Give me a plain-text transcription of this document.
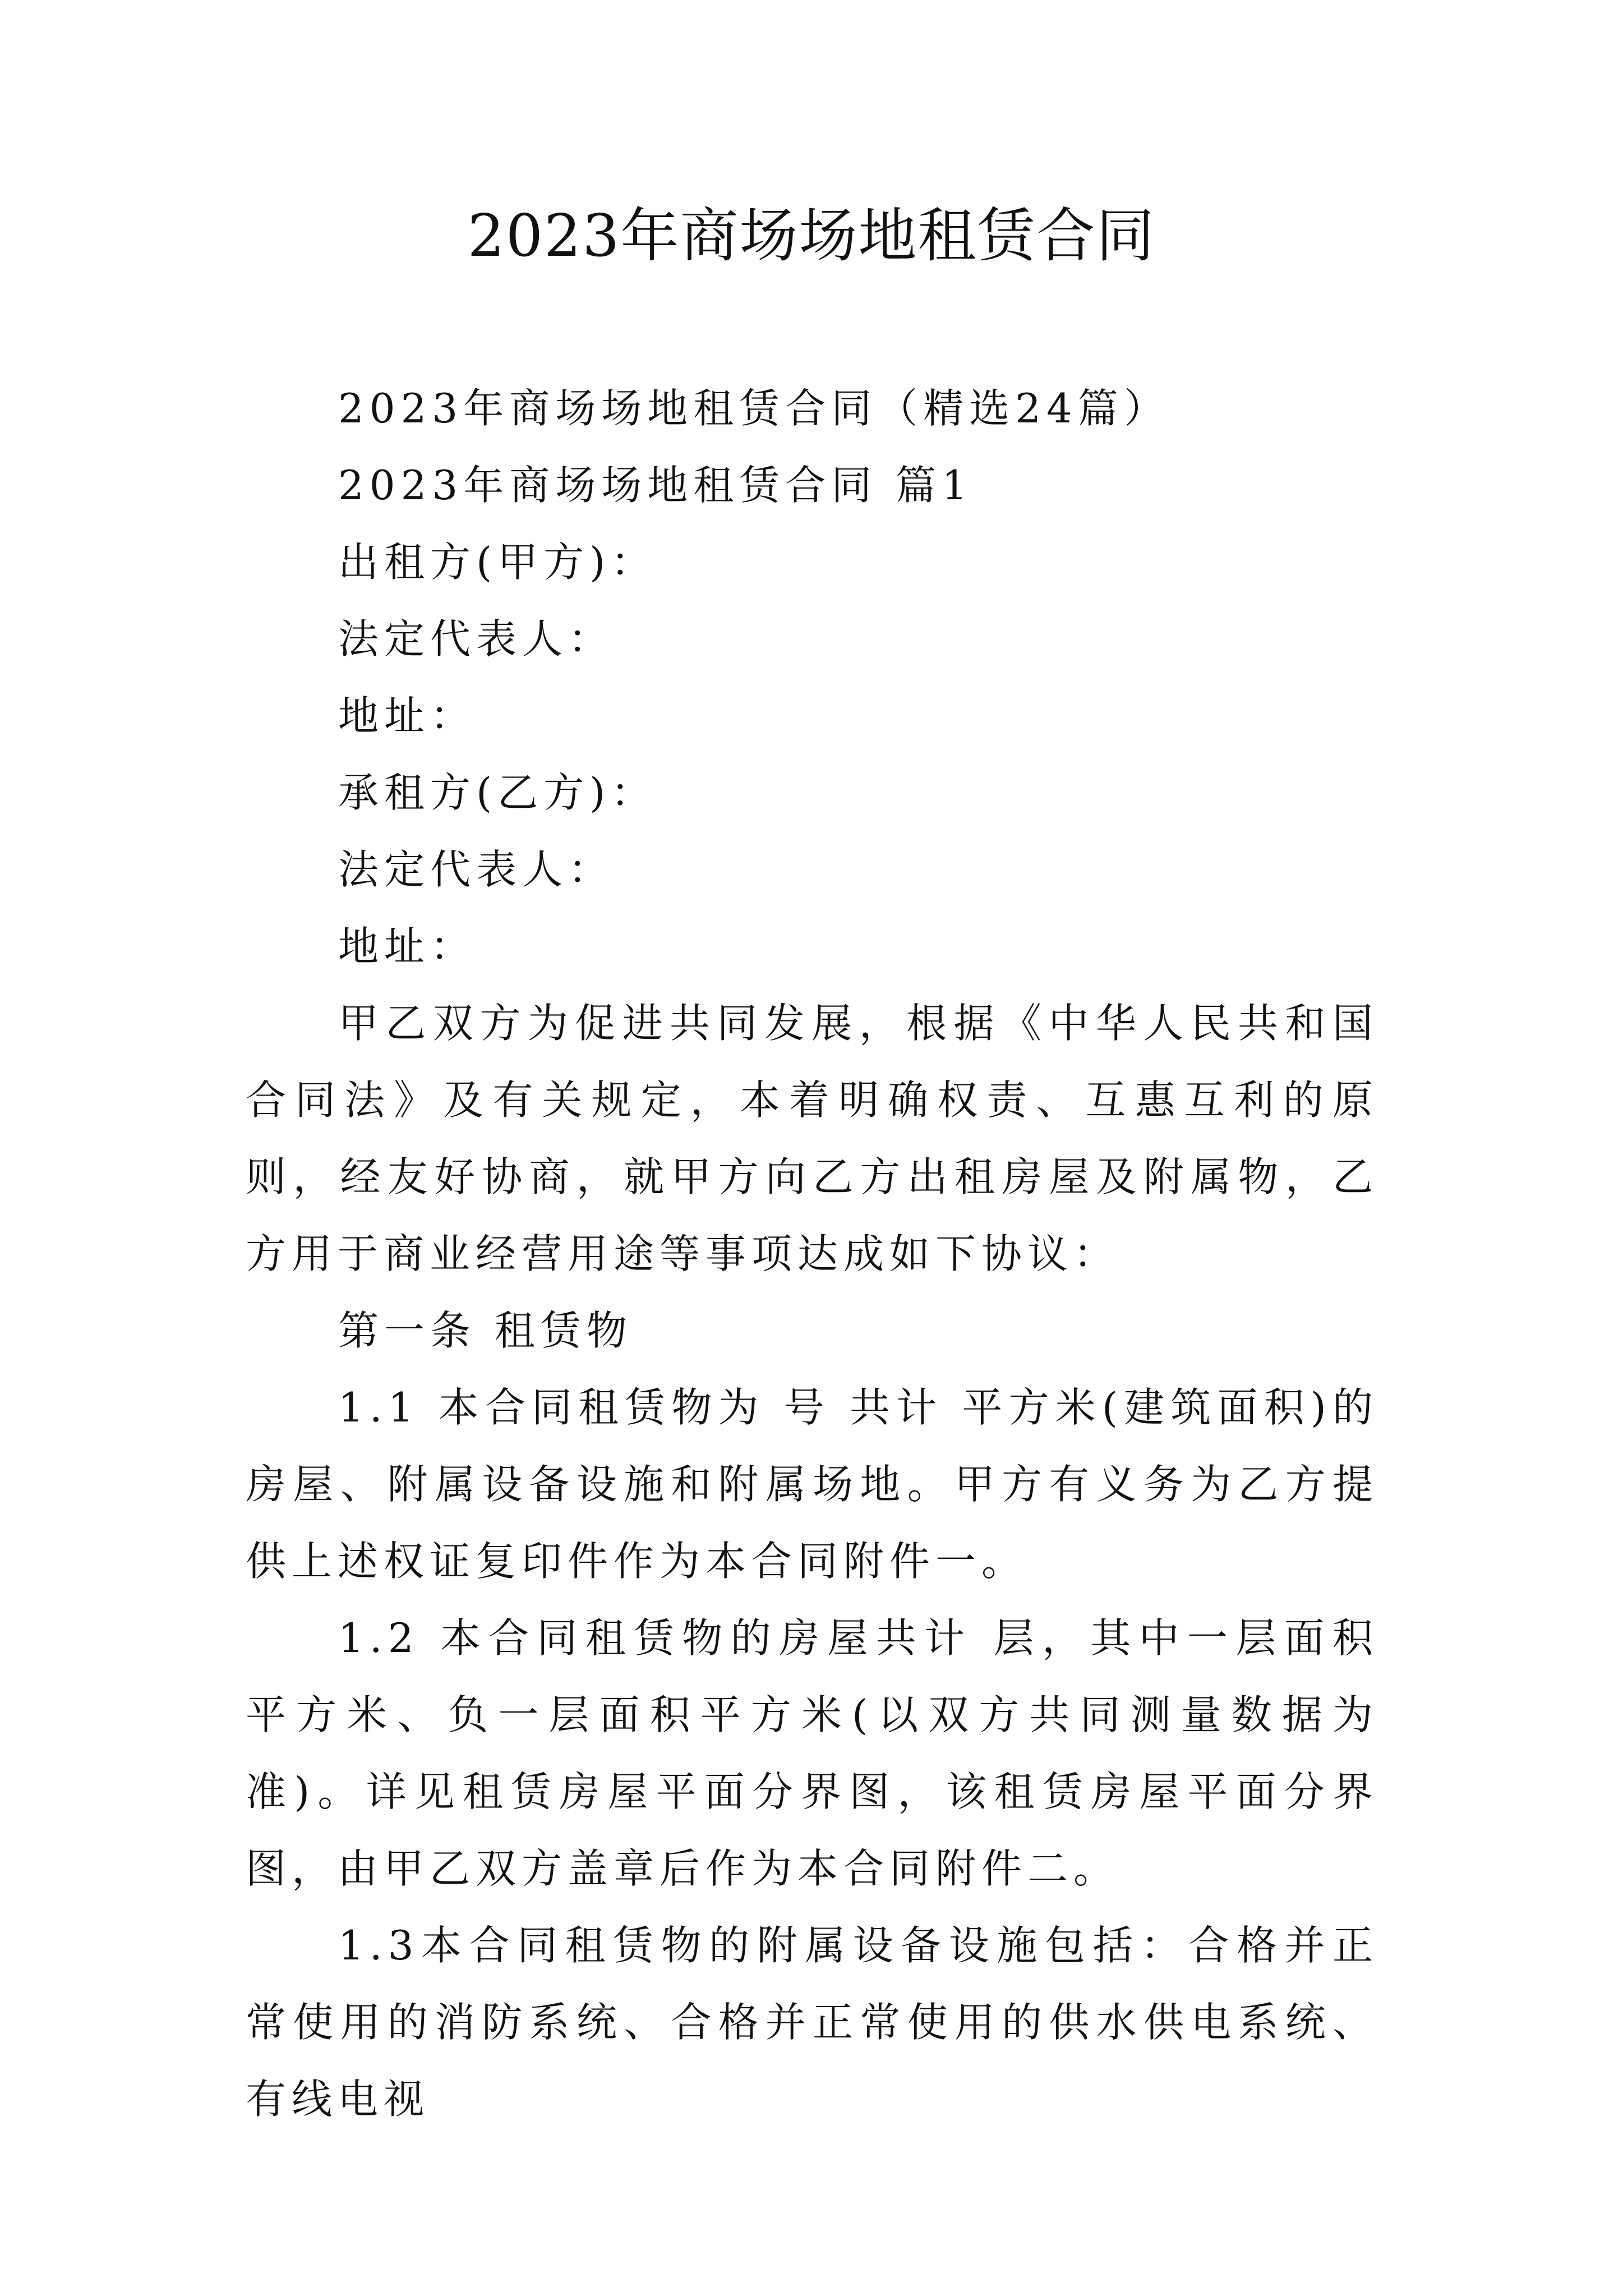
2023年商场场地租赁合同

2023年商场场地租赁合同（精选24篇）

2023年商场场地租赁合同 篇1

出租方(甲方)：

法定代表人：

地址：

承租方(乙方)：

法定代表人：

地址：

甲乙双方为促进共同发展，根据《中华人民共和国合同法》及有关规定，本着明确权责、互惠互利的原则，经友好协商，就甲方向乙方出租房屋及附属物，乙方用于商业经营用途等事项达成如下协议：

第一条 租赁物

1.1 本合同租赁物为 号 共计 平方米(建筑面积)的房屋、附属设备设施和附属场地。甲方有义务为乙方提供上述权证复印件作为本合同附件一。

1.2 本合同租赁物的房屋共计 层，其中一层面积 平方米、负一层面积平方米(以双方共同测量数据为准)。详见租赁房屋平面分界图，该租赁房屋平面分界图，由甲乙双方盖章后作为本合同附件二。

1.3本合同租赁物的附属设备设施包括：合格并正常使用的消防系统、合格并正常使用的供水供电系统、有线电视
